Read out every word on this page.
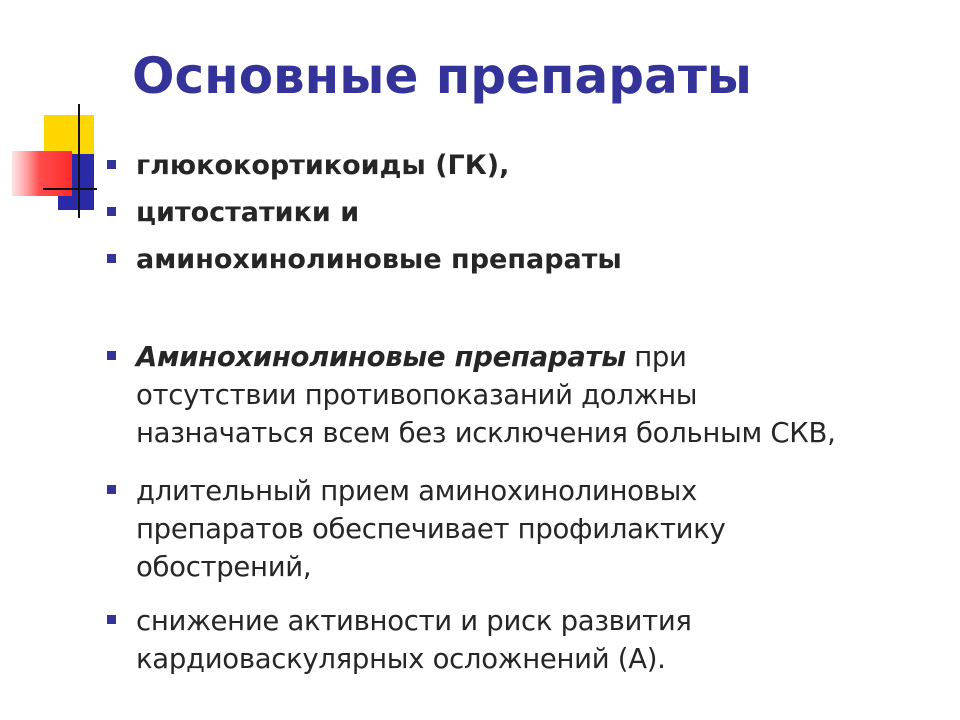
Основные препараты
глюкокортикоиды (ГК),
цитостатики и
аминохинолиновые препараты
Аминохинолиновые препараты при
отсутствии противопоказаний должны
назначаться всем без исключения больным СКВ,
длительный прием аминохинолиновых
препаратов обеспечивает профилактику
обострений,
снижение активности и риск развития
кардиоваскулярных осложнений (А).
